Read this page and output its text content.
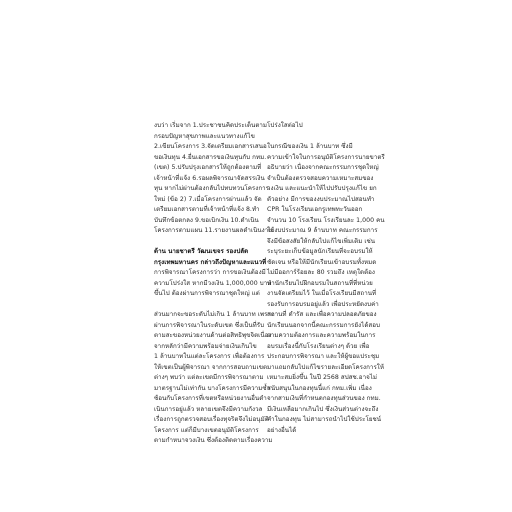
งบว่า เริ่มจาก 1.ประชาชนคิดประเด็นตาม
กรอบปัญหาสุขภาพและแนวทางแก้ไข
2.เขียนโครงการ 3.จัดเตรียมเอกสารเสนอ
ขอเงินทุน 4.ยื่นเอกสารขอเงินทุนกับ กทม.
(เขต) 5.ปรับปรุงเอกสารให้ถูกต้องตามที่
เจ้าหน้าที่แจ้ง 6.รอผลพิจารณาจัดสรรเงิน
ทุน หากไม่ผ่านต้องกลับไปทบทวนโครงการ
ใหม่ (ข้อ 2) 7.เมื่อโครงการผ่านแล้ว จัด
เตรียมเอกสารตามที่เจ้าหน้าที่แจ้ง 8.ทำ
บันทึกข้อตกลง 9.ขอเบิกเงิน 10.ดำเนิน
โครงการตามแผน 11.รายงานผลดำเนินงาน
ด้าน นายชาตรี วัฒนเขจร รองปลัด
กรุงเทพมหานคร กล่าวถึงปัญหาและแนวที่
การพิจารณาโครงการว่า การขอเงินต้องมี
ความโปร่งใส หากมีวงเงิน 1,000,000 บาท
ขึ้นไป ต้องผ่านการพิจารณาชุดใหญ่ แต่
ส่วนมากจะขอระดับไม่เกิน 1 ล้านบาท เพราะ
ผ่านการพิจารณาในระดับเขต ซึ่งเป็นที่รับ
ตามสะของหน่วยงานด้านต่อสิทธิพุขจิตเนื่อง
จากหลักว่ามีความพร้อมจ่ายเงินเกินไข
1 ล้านบาทในแต่ละโครงการ เพื่อต้องการ
ให้เขตเป็นผู้พิจารณา จากการสอบถามเขต
ต่างๆ พบว่า แต่ละเขตมีการพิจารณาตาม
มาตรฐานไม่เท่ากัน บางโครงการมีความซ้ำ
ซ้อนกับโครงการที่เขตหรือหน่วยงานอื่นดำ
เนินการอยู่แล้ว หลายเขตจึงมีความกังวล
เรื่องการถูกตรวจสอบเรื่องทุจริตจึงไม่อนุมัติ
โครงการ แต่ก็มีบางเขตอนุมัติโครงการ
ตามกำหนาจวงเงิน ซึ่งต้องติดตามเรื่องความ
โปร่งใสต่อไป
ในกรณีของเงิน 1 ล้านบาท ซึ่งมี
ความเข้าใจในการอนุมัติโครงการนายขาตรี
อธิบายว่า เนื่องจากคณะกรรมการชุดใหญ่
จำเป็นต้องตรวจสอบความเหมาะสมของ
วงเงิน และแนะนำให้ไปปรับปรุงแก้ไข ยก
ตัวอย่าง มีการของงบประมาณไปสอนทำ
CPR ในโรงเรียนเอกรูเทพทะวันออก
จำนวน 10 โรงเรียน โรงเรียนละ 1,000 คน
ใช้งบประมาณ 9 ล้านบาท คณะกรรมการ
จึงมีข้อสงสัยให้กลับไปแก้ไขเพิ่มเติม เช่น
ระบุระยะเก็บข้อมูลนักเรียนที่จะอบรมให้
ชัดเจน หรือให้มีนักเรียนเข้าอบรมทั้งหมด
ไม่มีออการ์ร้อยละ 80 รวมถึง เหตุใดต้อง
นำนักเรียนไปฝึกอบรมในสถานที่ที่หน่วย
งานจัดเตรียมไว้ ในเมื่อโรงเรียนมีสถานที่
รองรับการอบรมอยู่แล้ว เพื่อประหยัดงบค่า
สถานที่ ดำรัส และเพื่อความปลอดภัยของ
นักเรียนนอกจากนี้คณะกรรมการยังได้สอบ
ถามความต้องการและความพร้อมในการ
อบรมเรื่องนี้กับโรงเรียนต่างๆ ด้วย เพื่อ
ประกอบการพิจารณา และให้ผู้ขอแประชุม
มาแถมกลับไปแก้ไขรายละเอียดโครงการให้
เหมาะสมยิ่งขึ้น ในปี 2568 สปสช.อาจไม่
สนับสนุนในกองทุนนี้แก่ กทม.เพิ่ม เนื่อง
จากสามเงินที่กำหนดกองทุนส่วนของ กทม.
มีเงินเหลือมากเกินไป ซึ่งเงินส่วนต่างจะถึง
คำในกองทุน ไม่สามารถนำไปใช้ประโยชน์
อย่างอื่นได้
